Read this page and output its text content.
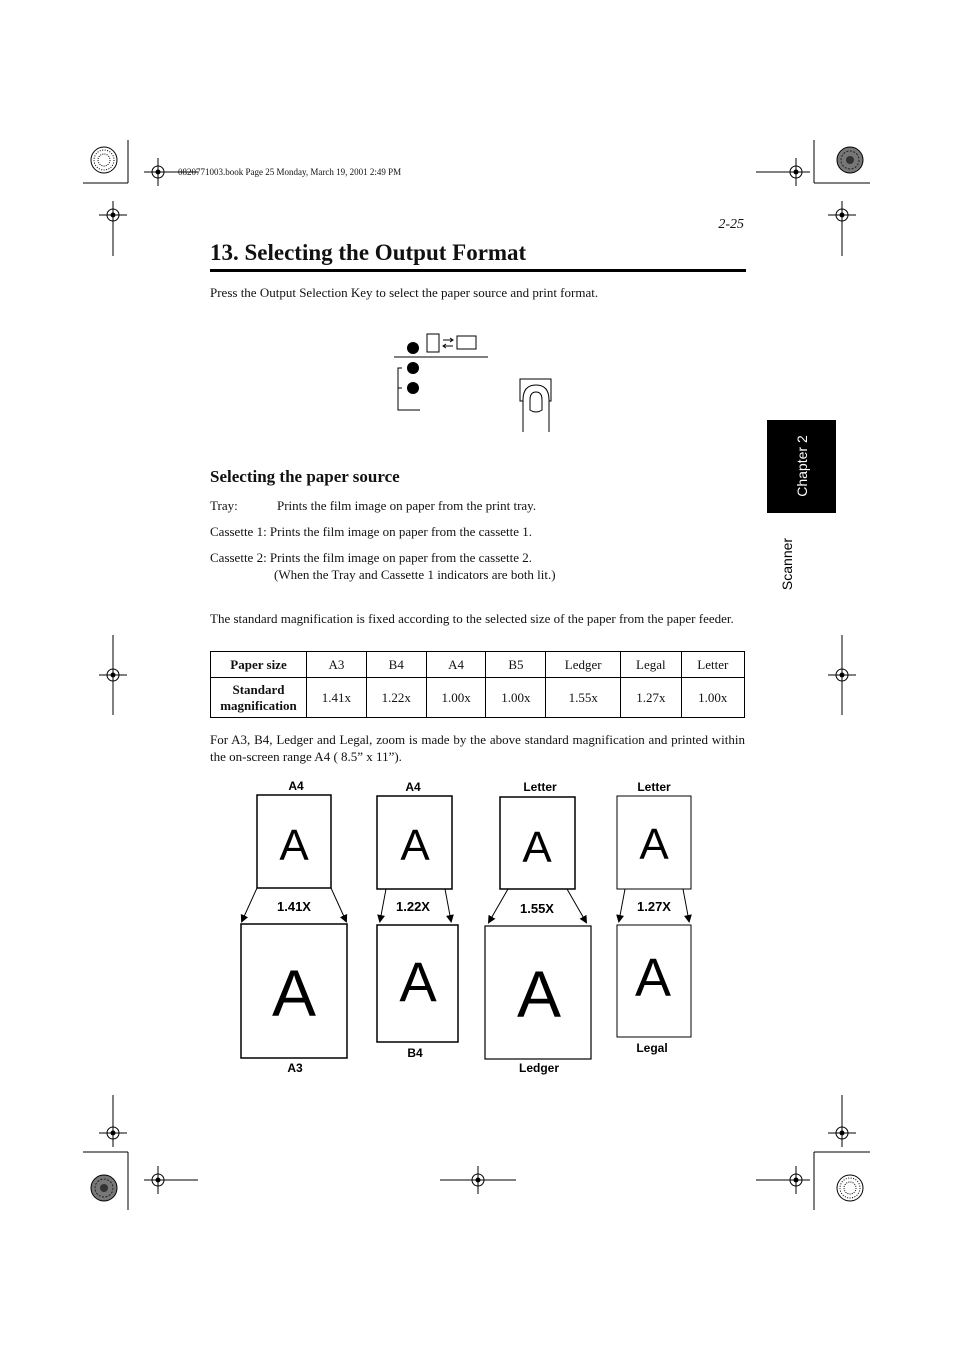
0820771003.book Page 25 Monday, March 19, 2001 2:49 PM
2-25
13. Selecting the Output Format
Press the Output Selection Key to select the paper source and print format.
Chapter 2
Scanner
Selecting the paper source
Tray:	Prints the film image on paper from the print tray.
Cassette 1: Prints the film image on paper from the cassette 1.
Cassette 2: Prints the film image on paper from the cassette 2.
(When the Tray and Cassette 1 indicators are both lit.)
The standard magnification is fixed according to the selected size of the paper from the paper feeder.
Paper size	A3	B4	A4	B5	Ledger	Legal	Letter
Standard
magnification	1.41x	1.22x	1.00x	1.00x	1.55x	1.27x	1.00x
For A3, B4, Ledger and Legal, zoom is made by the above standard magnification and printed within the on-screen range A4 ( 8.5” x 11”).
A4
A
1.41X
A
A3
A4
A
1.22X
A
B4
Letter
A
1.55X
A
Ledger
Letter
A
1.27X
A
Legal
